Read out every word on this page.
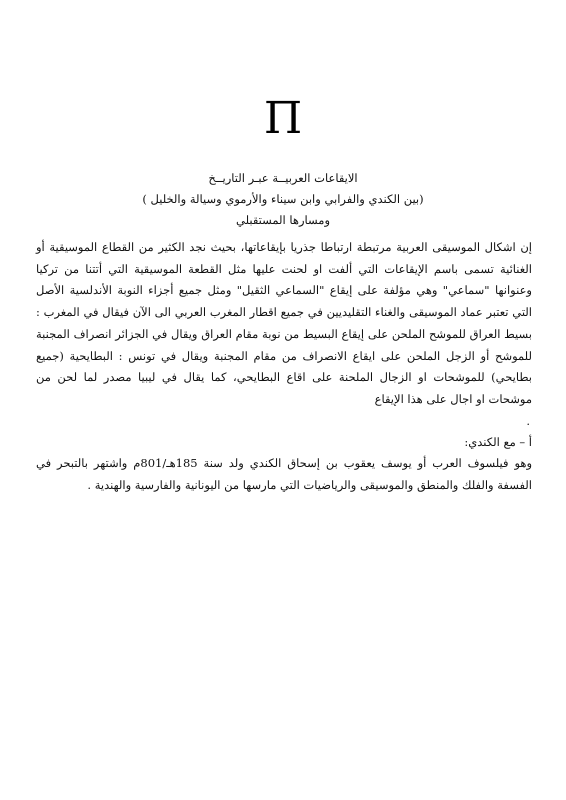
Π
الايقاعات العربيــة عبـر التاريــخ
(بين الكندي والفرابي وابن سيناء والأرموي وسيالة والخليل )
ومسارها المستقبلي

إن اشكال الموسيقى العربية مرتبطة ارتباطا جذريا بإيقاعاتها، بحيث نجد الكثير من القطاع الموسيقية أو الغنائية تسمى باسم الإيقاعات التي ألفت او لحنت عليها مثل القطعة الموسيقية التي أتتنا من تركيا وعنوانها "سماعي" وهي مؤلفة على إيقاع "السماعي الثقيل" ومثل جميع أجزاء النوبة الأندلسية الأصل التي تعتبر عماد الموسيقى والغناء التقليديين في جميع اقطار المغرب العربي الى الآن فيقال في المغرب : بسيط العراق للموشح الملحن على إيقاع البسيط من نوبة مقام العراق ويقال في الجزائر انصراف المجنبة للموشح أو الزجل الملحن على ايقاع الانصراف من مقام المجنبة ويقال في تونس : البطايحية (جميع بطايحي) للموشحات او الزجال الملحنة على اقاع البطايحي، كما يقال في ليبيا مصدر لما لحن من موشحات او اجال على هذا الإيقاع

.

أ – مع الكندي:

وهو فيلسوف العرب أو يوسف يعقوب بن إسحاق الكندي ولد سنة 185هـ/801م واشتهر بالتبحر في الفسفة والفلك والمنطق والموسيقى والرياضيات التي مارسها من اليونانية والفارسية والهندية .
